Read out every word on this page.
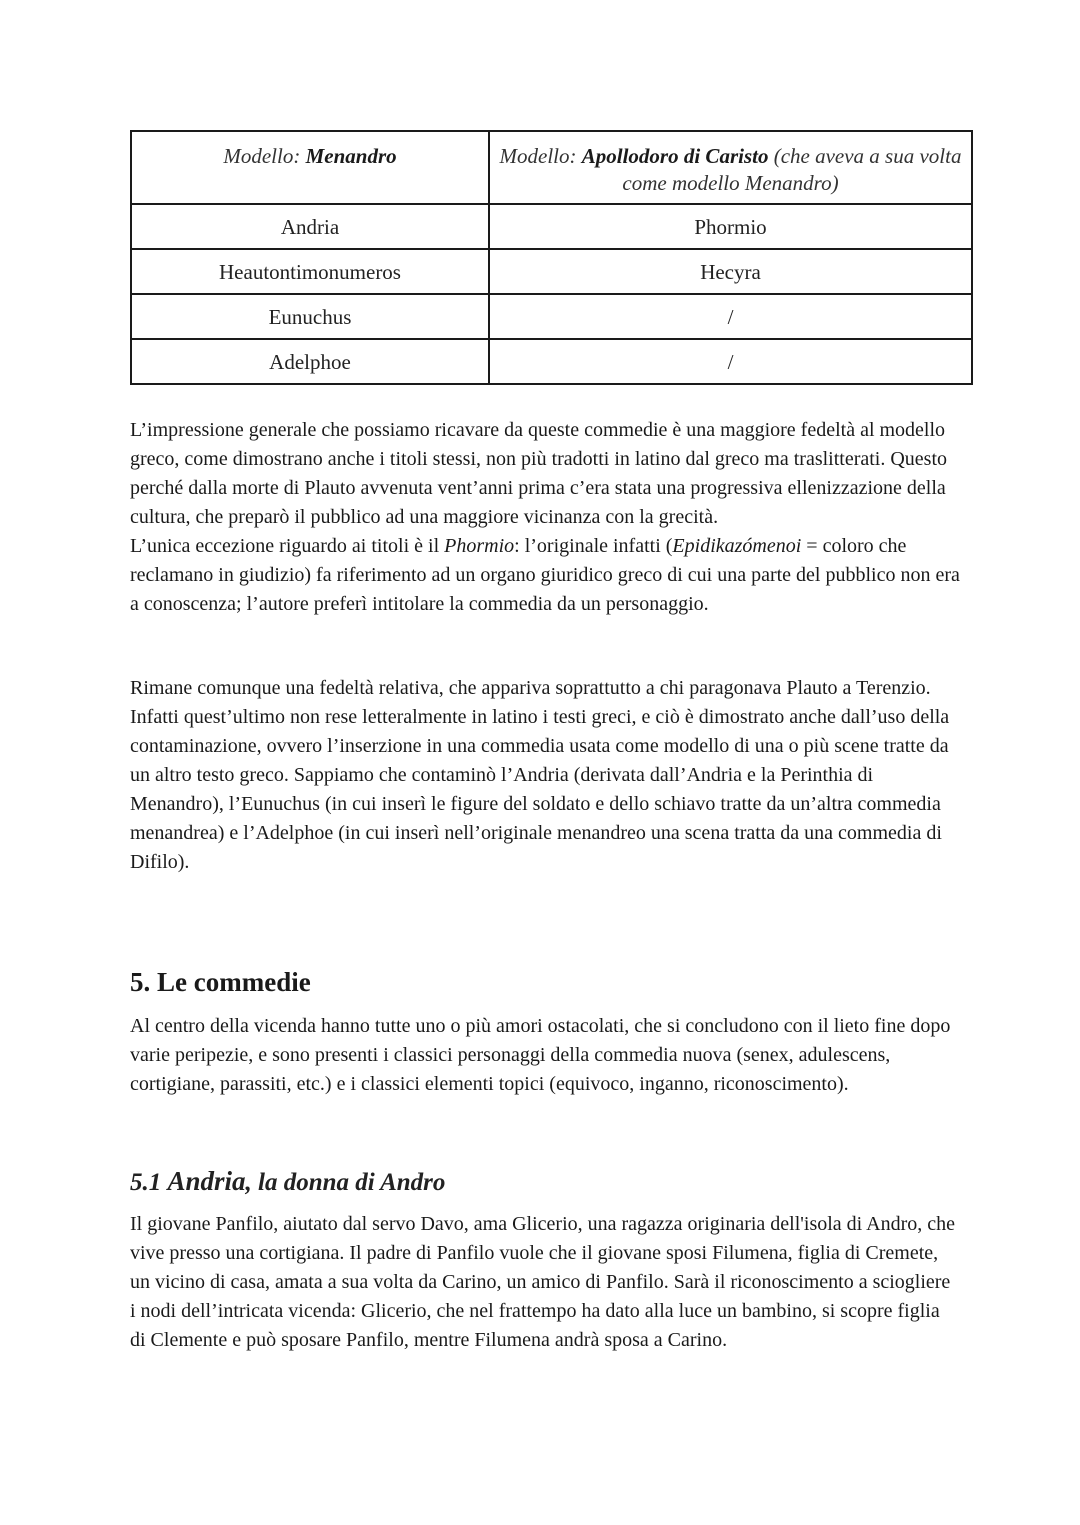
Modello: Menandro	Modello: Apollodoro di Caristo (che aveva a sua volta come modello Menandro)
Andria	Phormio
Heautontimonumeros	Hecyra
Eunuchus	/
Adelphoe	/

L’impressione generale che possiamo ricavare da queste commedie è una maggiore fedeltà al modello greco, come dimostrano anche i titoli stessi, non più tradotti in latino dal greco ma traslitterati. Questo perché dalla morte di Plauto avvenuta vent’anni prima c’era stata una progressiva ellenizzazione della cultura, che preparò il pubblico ad una maggiore vicinanza con la grecità.

L’unica eccezione riguardo ai titoli è il Phormio: l’originale infatti (Epidikazómenoi = coloro che reclamano in giudizio) fa riferimento ad un organo giuridico greco di cui una parte del pubblico non era a conoscenza; l’autore preferì intitolare la commedia da un personaggio.

Rimane comunque una fedeltà relativa, che appariva soprattutto a chi paragonava Plauto a Terenzio.

Infatti quest’ultimo non rese letteralmente in latino i testi greci, e ciò è dimostrato anche dall’uso della contaminazione, ovvero l’inserzione in una commedia usata come modello di una o più scene tratte da un altro testo greco. Sappiamo che contaminò l’Andria (derivata dall’Andria e la Perinthia di Menandro), l’Eunuchus (in cui inserì le figure del soldato e dello schiavo tratte da un’altra commedia menandrea) e l’Adelphoe (in cui inserì nell’originale menandreo una scena tratta da una commedia di Difilo).

5. Le commedie

Al centro della vicenda hanno tutte uno o più amori ostacolati, che si concludono con il lieto fine dopo varie peripezie, e sono presenti i classici personaggi della commedia nuova (senex, adulescens, cortigiane, parassiti, etc.) e i classici elementi topici (equivoco, inganno, riconoscimento).

5.1 Andria, la donna di Andro

Il giovane Panfilo, aiutato dal servo Davo, ama Glicerio, una ragazza originaria dell'isola di Andro, che vive presso una cortigiana. Il padre di Panfilo vuole che il giovane sposi Filumena, figlia di Cremete, un vicino di casa, amata a sua volta da Carino, un amico di Panfilo. Sarà il riconoscimento a sciogliere i nodi dell’intricata vicenda: Glicerio, che nel frattempo ha dato alla luce un bambino, si scopre figlia di Clemente e può sposare Panfilo, mentre Filumena andrà sposa a Carino.
